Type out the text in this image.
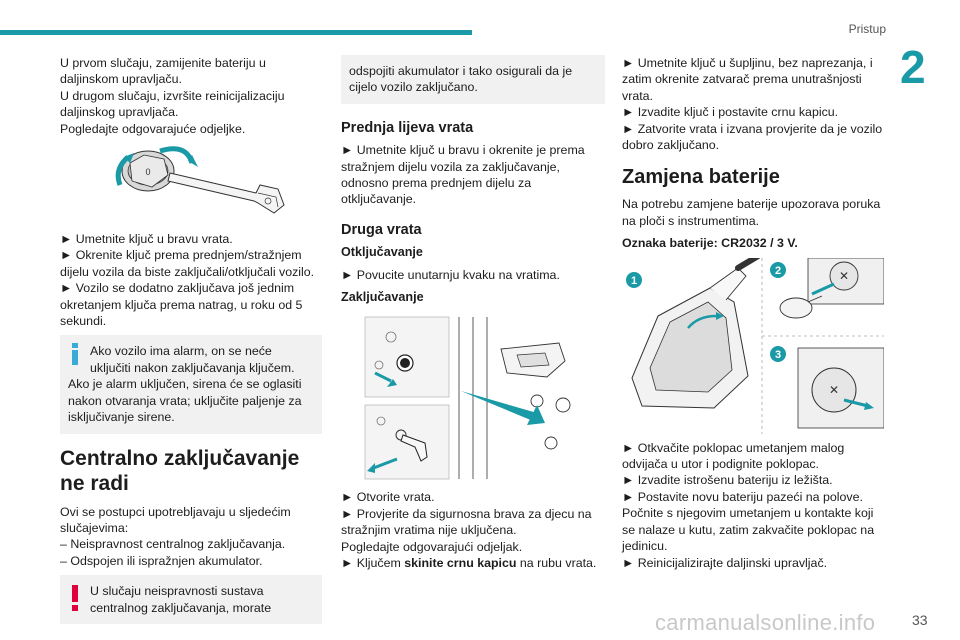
Pristup
2
33
carmanualsonline.info

U prvom slučaju, zamijenite bateriju u daljinskom upravljaču.

U drugom slučaju, izvršite reinicijalizaciju daljinskog upravljača.

Pogledajte odgovarajuće odjeljke.

0

► Umetnite ključ u bravu vrata.

► Okrenite ključ prema prednjem/stražnjem dijelu vozila da biste zaključali/otključali vozilo.

► Vozilo se dodatno zaključava još jednim okretanjem ključa prema natrag, u roku od 5 sekundi.

Ako vozilo ima alarm, on se neće uključiti nakon zaključavanja ključem.

Ako je alarm uključen, sirena će se oglasiti nakon otvaranja vrata; uključite paljenje za isključivanje sirene.

Centralno zaključavanje ne radi

Ovi se postupci upotrebljavaju u sljedećim slučajevima:

– Neispravnost centralnog zaključavanja.

– Odspojen ili ispražnjen akumulator.

U slučaju neispravnosti sustava centralnog zaključavanja, morate

odspojiti akumulator i tako osigurali da je cijelo vozilo zaključano.

Prednja lijeva vrata

► Umetnite ključ u bravu i okrenite je prema stražnjem dijelu vozila za zaključavanje, odnosno prema prednjem dijelu za otključavanje.

Druga vrata
Otključavanje

► Povucite unutarnju kvaku na vratima.

Zaključavanje

► Otvorite vrata.

► Provjerite da sigurnosna brava za djecu na stražnjim vratima nije uključena.

Pogledajte odgovarajući odjeljak.

► Ključem skinite crnu kapicu na rubu vrata.

► Umetnite ključ u šupljinu, bez naprezanja, i zatim okrenite zatvarač prema unutrašnjosti vrata.

► Izvadite ključ i postavite crnu kapicu.

► Zatvorite vrata i izvana provjerite da je vozilo dobro zaključano.

Zamjena baterije

Na potrebu zamjene baterije upozorava poruka na ploči s instrumentima.

Oznaka baterije: CR2032 / 3 V.

1
2	✕
3
✕

► Otkvačite poklopac umetanjem malog odvijača u utor i podignite poklopac.

► Izvadite istrošenu bateriju iz ležišta.

► Postavite novu bateriju pazeći na polove.

Počnite s njegovim umetanjem u kontakte koji se nalaze u kutu, zatim zakvačite poklopac na jedinicu.

► Reinicijalizirajte daljinski upravljač.
